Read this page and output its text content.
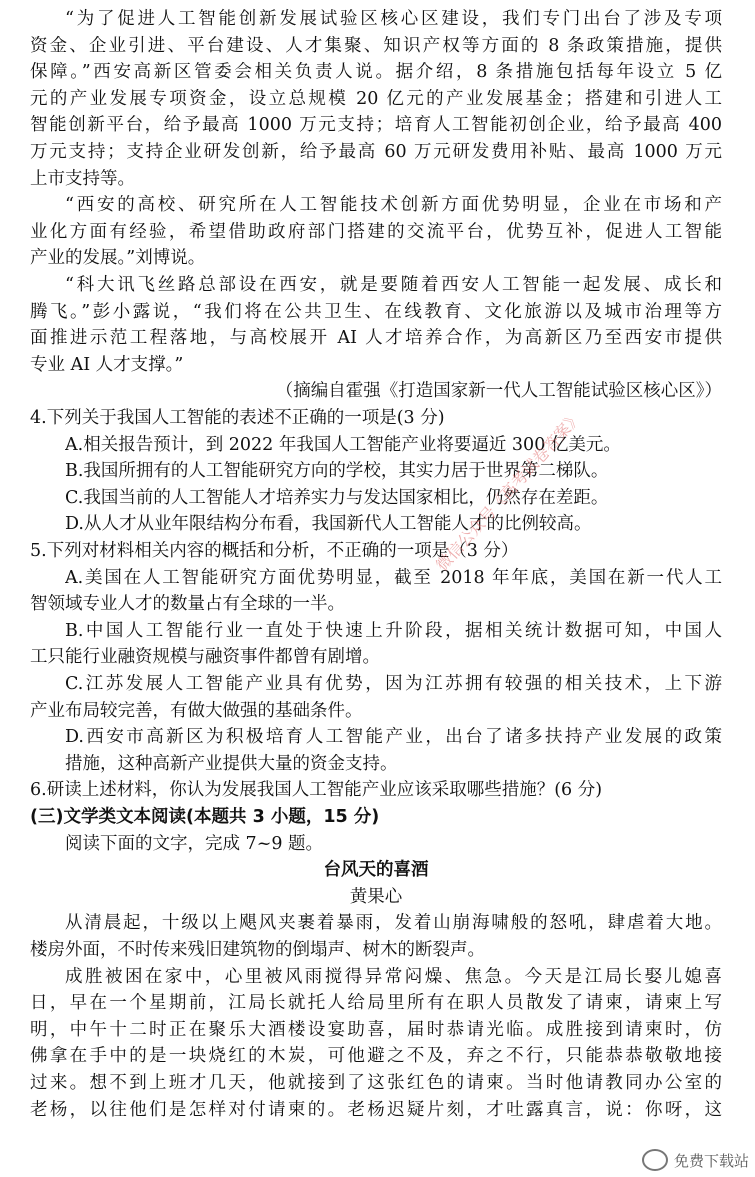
“为了促进人工智能创新发展试验区核心区建设，我们专门出台了涉及专项
资金、企业引进、平台建设、人才集聚、知识产权等方面的 8 条政策措施，提供
保障。”西安高新区管委会相关负责人说。据介绍，8 条措施包括每年设立 5 亿
元的产业发展专项资金，设立总规模 20 亿元的产业发展基金；搭建和引进人工
智能创新平台，给予最高 1000 万元支持；培育人工智能初创企业，给予最高 400
万元支持；支持企业研发创新，给予最高 60 万元研发费用补贴、最高 1000 万元
上市支持等。
“西安的高校、研究所在人工智能技术创新方面优势明显，企业在市场和产
业化方面有经验，希望借助政府部门搭建的交流平台，优势互补，促进人工智能
产业的发展。”刘博说。
“科大讯飞丝路总部设在西安，就是要随着西安人工智能一起发展、成长和
腾飞。”彭小露说，“我们将在公共卫生、在线教育、文化旅游以及城市治理等方
面推进示范工程落地，与高校展开 AI 人才培养合作，为高新区乃至西安市提供
专业 AI 人才支撑。”
（摘编自霍强《打造国家新一代人工智能试验区核心区》）
4.下列关于我国人工智能的表述不正确的一项是(3 分)
A.相关报告预计，到 2022 年我国人工智能产业将要逼近 300 亿美元。
B.我国所拥有的人工智能研究方向的学校，其实力居于世界第二梯队。
C.我国当前的人工智能人才培养实力与发达国家相比，仍然存在差距。
D.从人才从业年限结构分布看，我国新代人工智能人才的比例较高。
5.下列对材料相关内容的概括和分析，不正确的一项是（3 分）
A.美国在人工智能研究方面优势明显，截至 2018 年年底，美国在新一代人工
智领域专业人才的数量占有全球的一半。
B.中国人工智能行业一直处于快速上升阶段，据相关统计数据可知，中国人
工只能行业融资规模与融资事件都曾有剧增。
C.江苏发展人工智能产业具有优势，因为江苏拥有较强的相关技术，上下游
产业布局较完善，有做大做强的基础条件。
D.西安市高新区为积极培育人工智能产业，出台了诸多扶持产业发展的政策
措施，这种高新产业提供大量的资金支持。
6.研读上述材料，你认为发展我国人工智能产业应该采取哪些措施？(6 分)
(三)文学类文本阅读(本题共 3 小题，15 分)
阅读下面的文字，完成 7~9 题。
台风天的喜酒
黄果心
从清晨起，十级以上飓风夹裹着暴雨，发着山崩海啸般的怒吼，肆虐着大地。
楼房外面，不时传来残旧建筑物的倒塌声、树木的断裂声。
成胜被困在家中，心里被风雨搅得异常闷燥、焦急。今天是江局长娶儿媳喜
日，早在一个星期前，江局长就托人给局里所有在职人员散发了请柬，请柬上写
明，中午十二时正在聚乐大酒楼设宴助喜，届时恭请光临。成胜接到请柬时，仿
佛拿在手中的是一块烧红的木炭，可他避之不及，弃之不行，只能恭恭敬敬地接
过来。想不到上班才几天，他就接到了这张红色的请柬。当时他请教同办公室的
老杨，以往他们是怎样对付请柬的。老杨迟疑片刻，才吐露真言，说：你呀，这
微信公众号《高考试卷答案》
免费下载站
